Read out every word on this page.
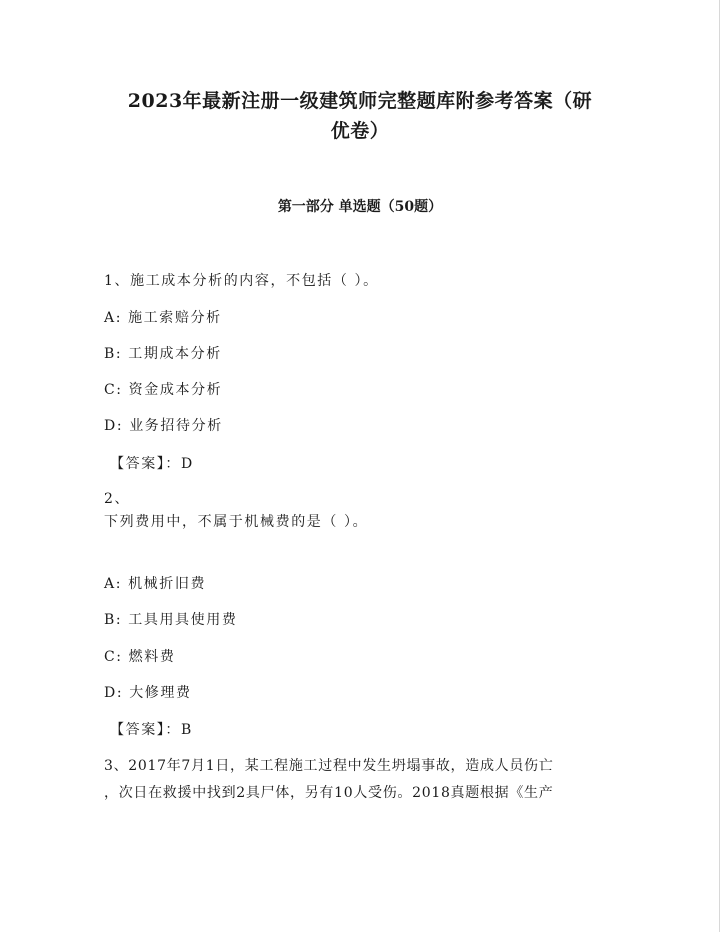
2023年最新注册一级建筑师完整题库附参考答案（研
优卷）
第一部分 单选题（50题）
1、施工成本分析的内容，不包括（ ）。
A: 施工索赔分析
B: 工期成本分析
C: 资金成本分析
D: 业务招待分析
【答案】：D
2、
下列费用中，不属于机械费的是（ ）。
A: 机械折旧费
B: 工具用具使用费
C: 燃料费
D: 大修理费
【答案】：B
3、2017年7月1日，某工程施工过程中发生坍塌事故，造成人员伤亡
，次日在救援中找到2具尸体，另有10人受伤。2018真题根据《生产
